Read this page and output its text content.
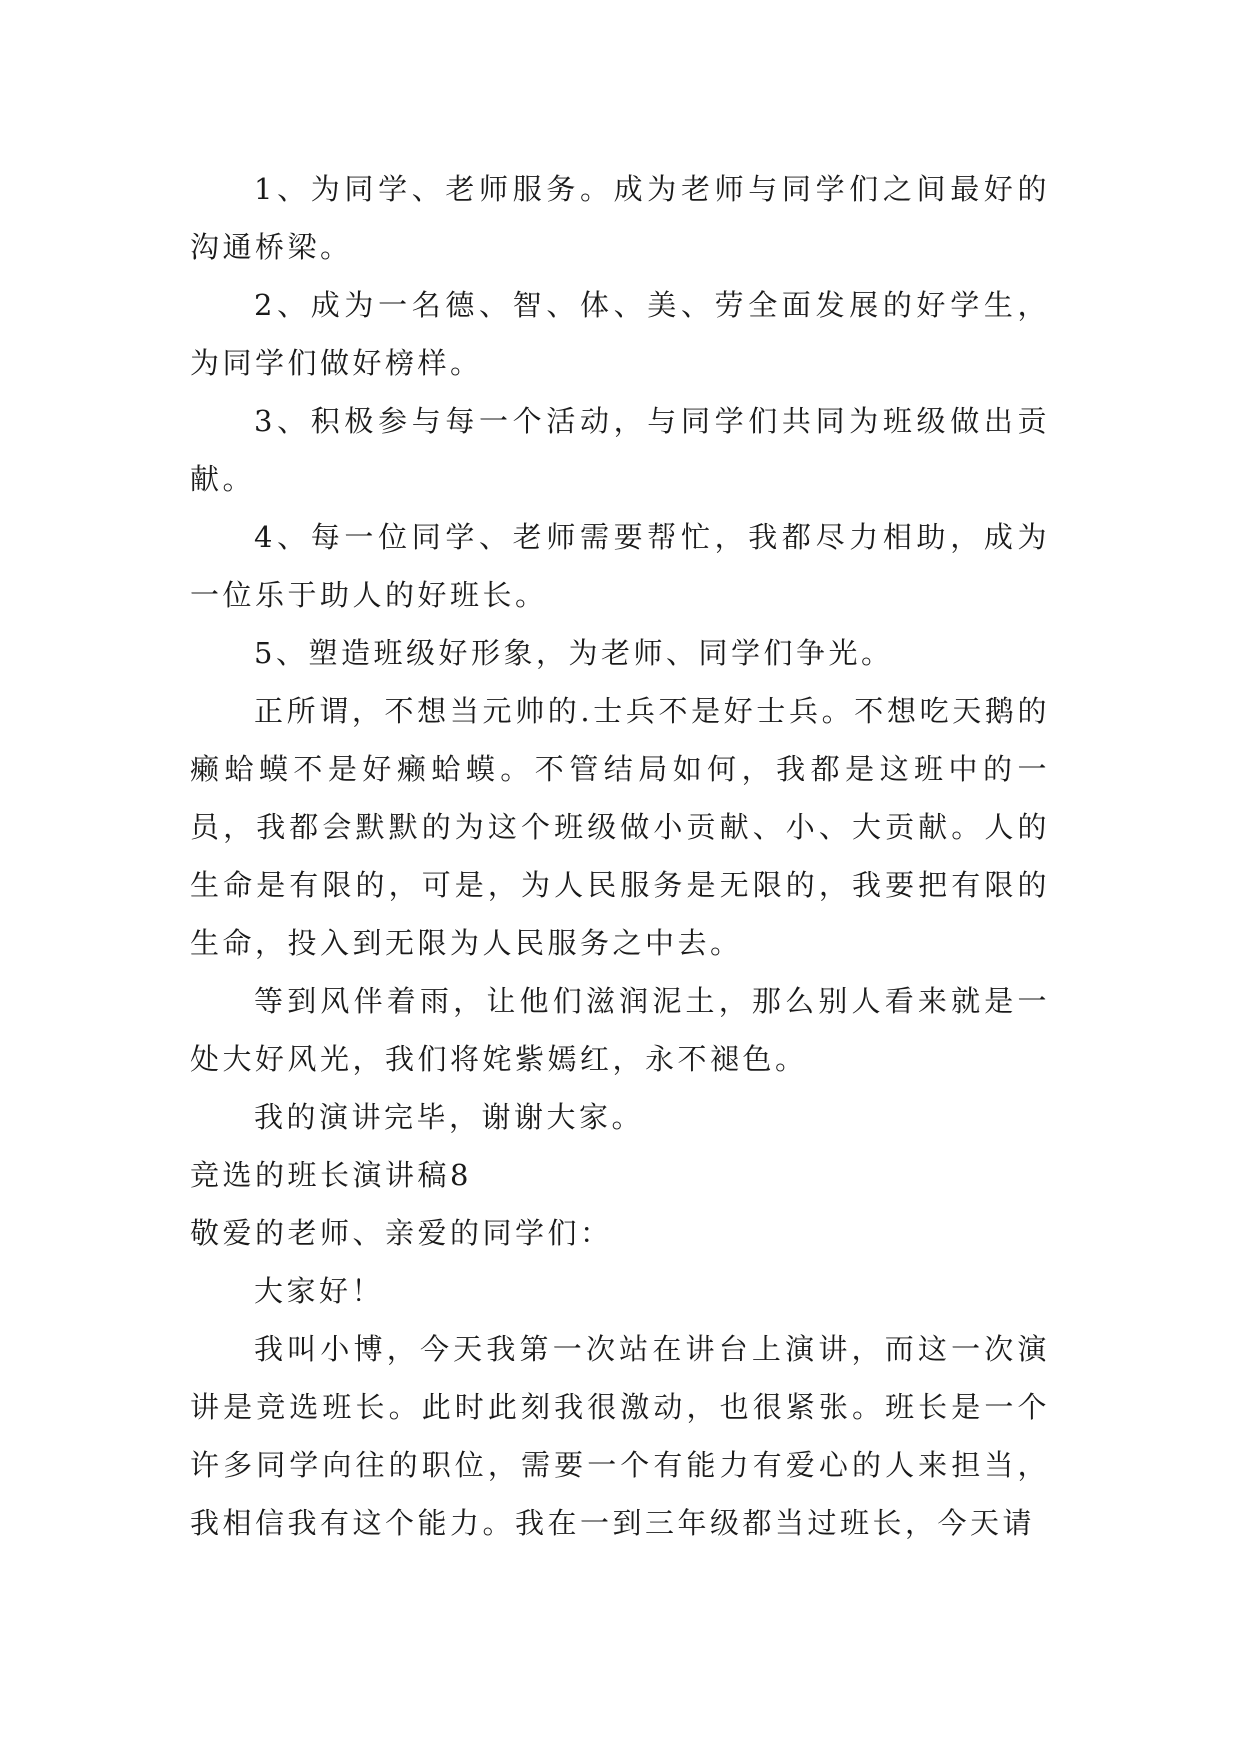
1、为同学、老师服务。成为老师与同学们之间最好的沟通桥梁。

2、成为一名德、智、体、美、劳全面发展的好学生，为同学们做好榜样。

3、积极参与每一个活动，与同学们共同为班级做出贡献。

4、每一位同学、老师需要帮忙，我都尽力相助，成为一位乐于助人的好班长。

5、塑造班级好形象，为老师、同学们争光。

正所谓，不想当元帅的.士兵不是好士兵。不想吃天鹅的癞蛤蟆不是好癞蛤蟆。不管结局如何，我都是这班中的一员，我都会默默的为这个班级做小贡献、小、大贡献。人的生命是有限的，可是，为人民服务是无限的，我要把有限的生命，投入到无限为人民服务之中去。

等到风伴着雨，让他们滋润泥土，那么别人看来就是一处大好风光，我们将姹紫嫣红，永不褪色。

我的演讲完毕，谢谢大家。

竞选的班长演讲稿8

敬爱的老师、亲爱的同学们：

大家好！

我叫小博，今天我第一次站在讲台上演讲，而这一次演讲是竞选班长。此时此刻我很激动，也很紧张。班长是一个许多同学向往的职位，需要一个有能力有爱心的人来担当，我相信我有这个能力。我在一到三年级都当过班长，今天请
